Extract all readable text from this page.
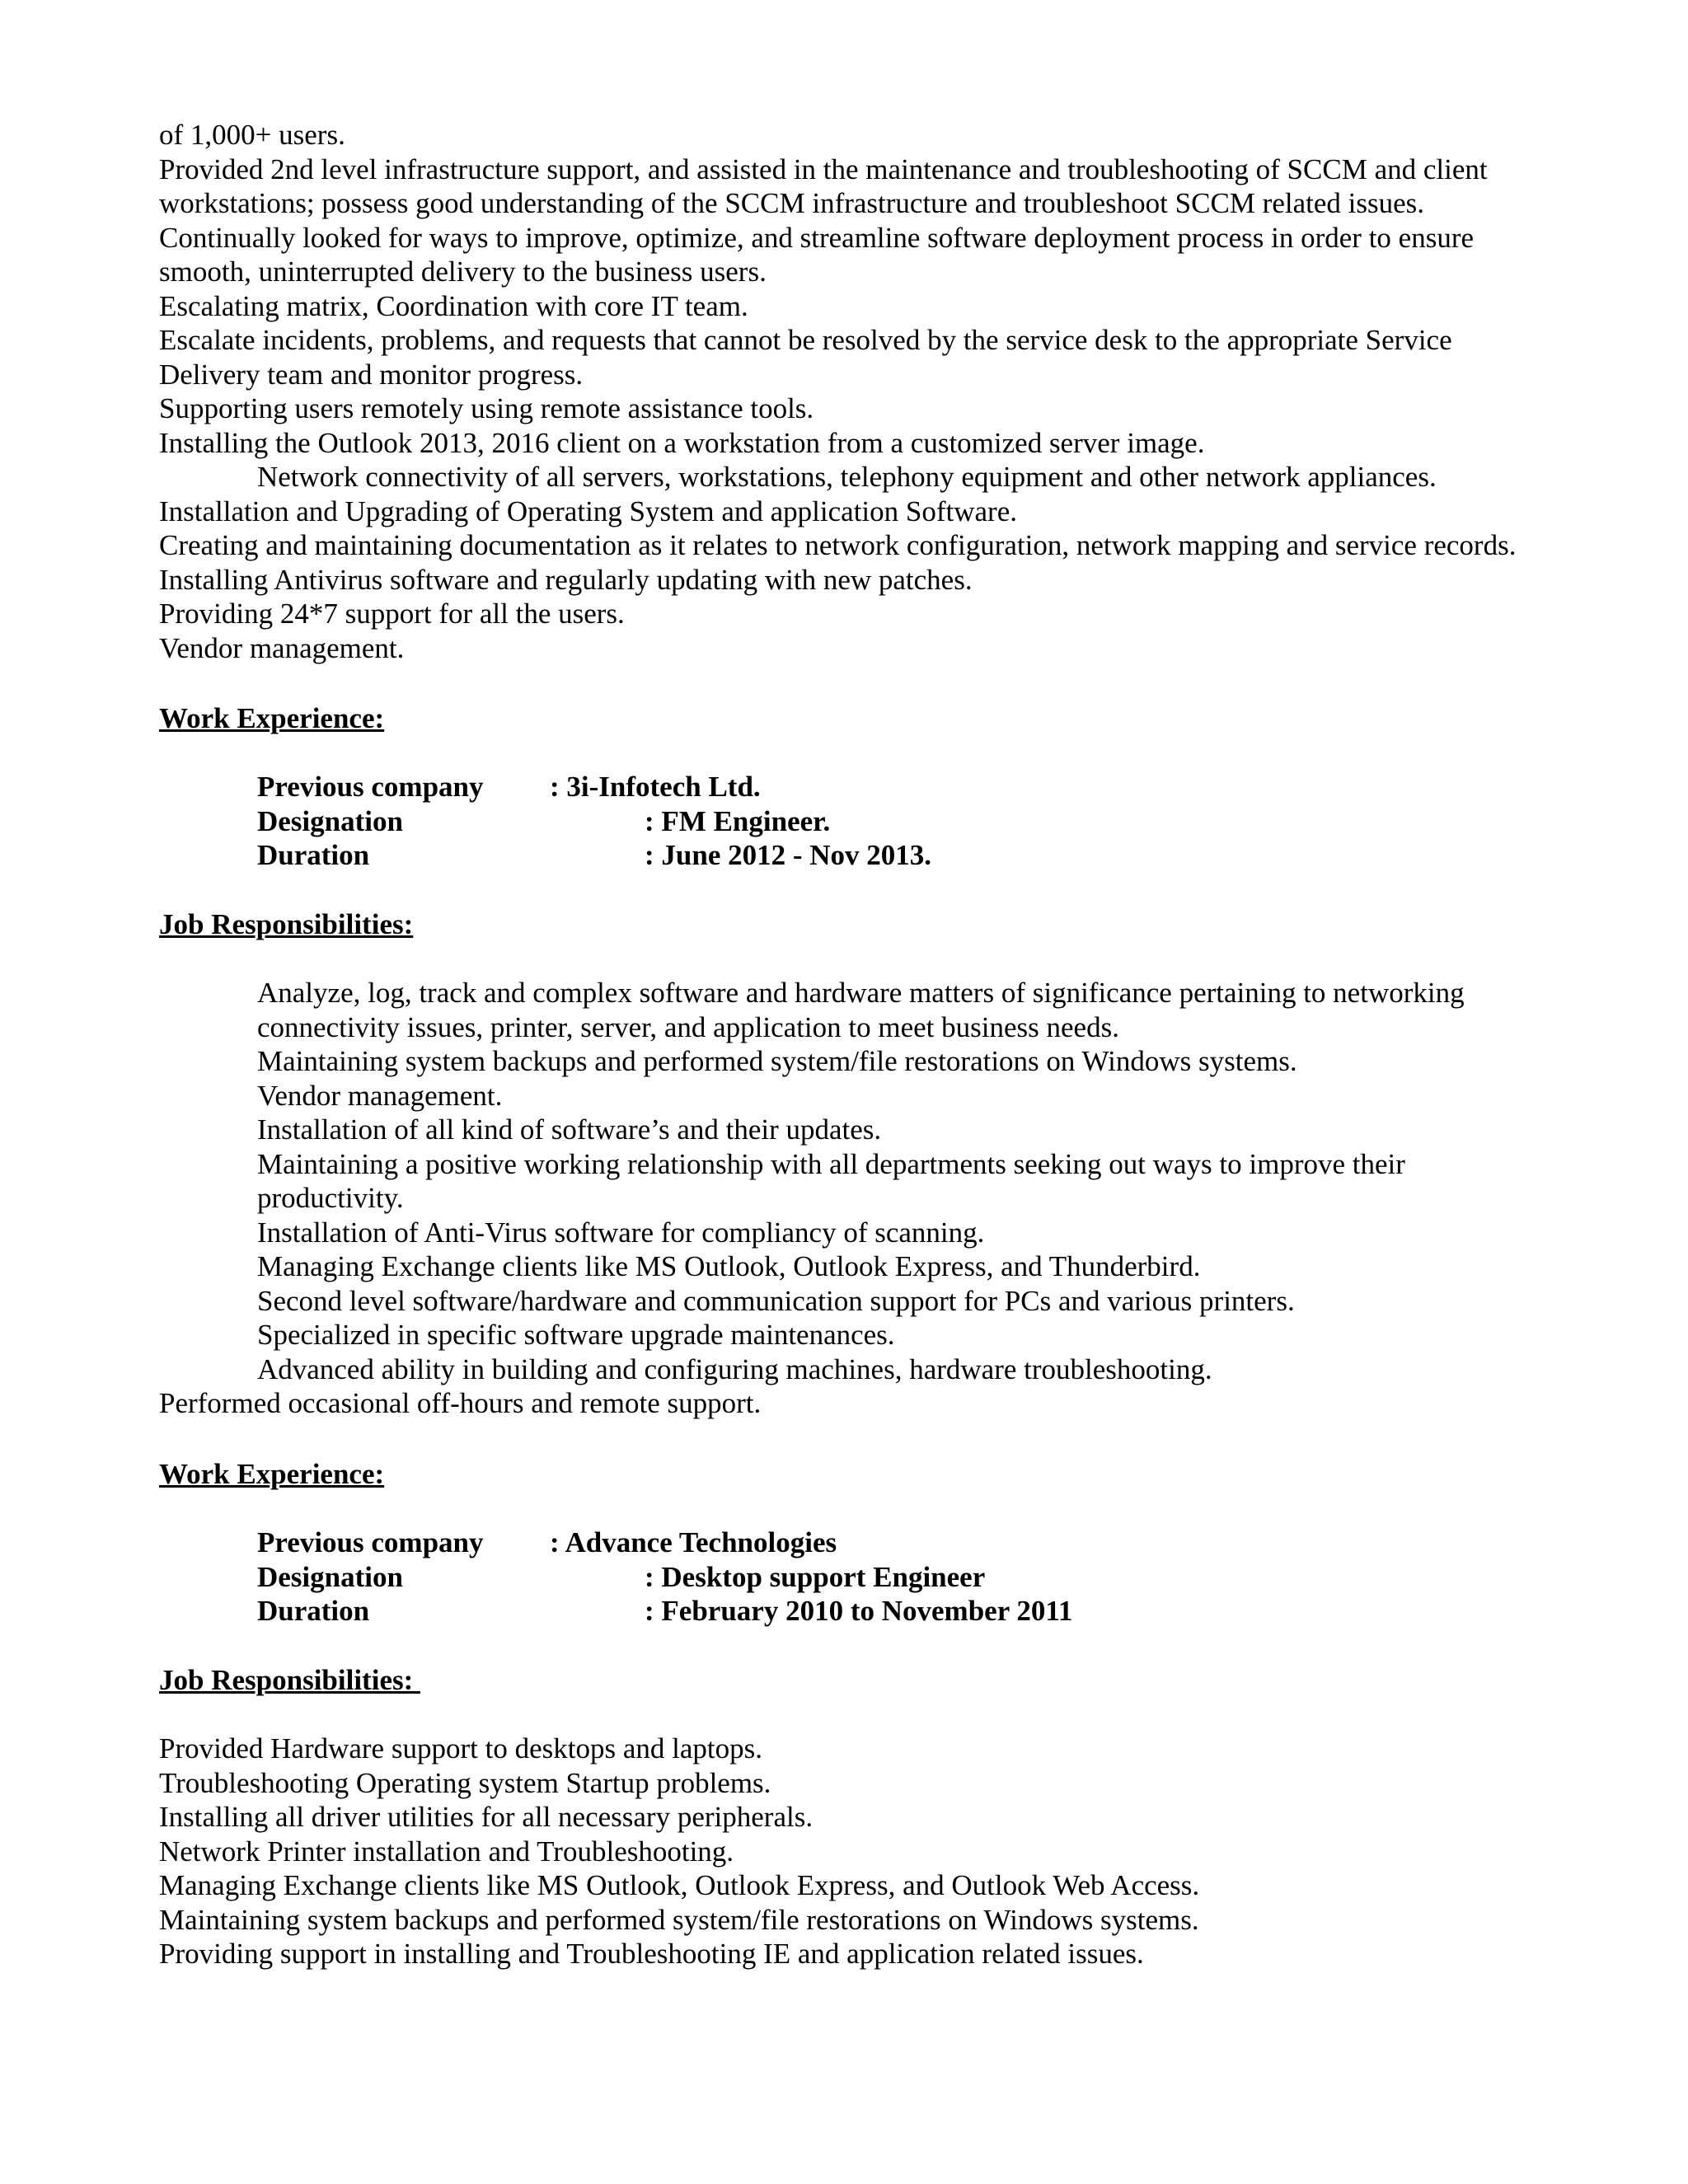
of 1,000+ users.
Provided 2nd level infrastructure support, and assisted in the maintenance and troubleshooting of SCCM and client
workstations; possess good understanding of the SCCM infrastructure and troubleshoot SCCM related issues.
Continually looked for ways to improve, optimize, and streamline software deployment process in order to ensure
smooth, uninterrupted delivery to the business users.
Escalating matrix, Coordination with core IT team.
Escalate incidents, problems, and requests that cannot be resolved by the service desk to the appropriate Service
Delivery team and monitor progress.
Supporting users remotely using remote assistance tools.
Installing the Outlook 2013, 2016 client on a workstation from a customized server image.
Network connectivity of all servers, workstations, telephony equipment and other network appliances.
Installation and Upgrading of Operating System and application Software.
Creating and maintaining documentation as it relates to network configuration, network mapping and service records.
Installing Antivirus software and regularly updating with new patches.
Providing 24*7 support for all the users.
Vendor management.
Work Experience:
Previous company : 3i-Infotech Ltd.
Designation	: FM Engineer.
Duration	: June 2012 - Nov 2013.
Job Responsibilities:
Analyze, log, track and complex software and hardware matters of significance pertaining to networking
connectivity issues, printer, server, and application to meet business needs.
Maintaining system backups and performed system/file restorations on Windows systems.
Vendor management.
Installation of all kind of software’s and their updates.
Maintaining a positive working relationship with all departments seeking out ways to improve their
productivity.
Installation of Anti-Virus software for compliancy of scanning.
Managing Exchange clients like MS Outlook, Outlook Express, and Thunderbird.
Second level software/hardware and communication support for PCs and various printers.
Specialized in specific software upgrade maintenances.
Advanced ability in building and configuring machines, hardware troubleshooting.
Performed occasional off-hours and remote support.
Work Experience:
Previous company : Advance Technologies
Designation	: Desktop support Engineer
Duration	: February 2010 to November 2011
Job Responsibilities:
Provided Hardware support to desktops and laptops.
Troubleshooting Operating system Startup problems.
Installing all driver utilities for all necessary peripherals.
Network Printer installation and Troubleshooting.
Managing Exchange clients like MS Outlook, Outlook Express, and Outlook Web Access.
Maintaining system backups and performed system/file restorations on Windows systems.
Providing support in installing and Troubleshooting IE and application related issues.
